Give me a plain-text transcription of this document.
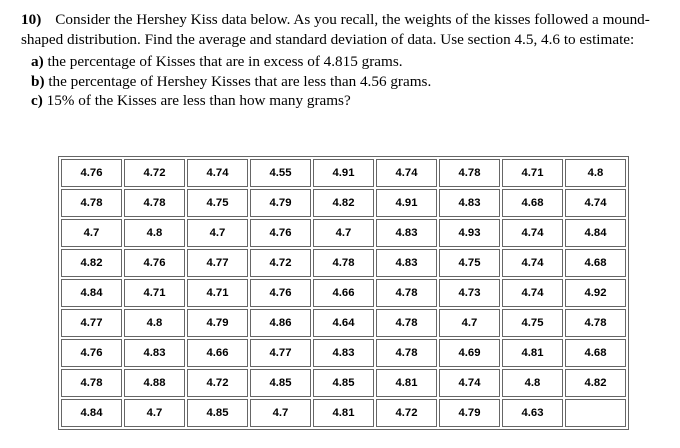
10) Consider the Hershey Kiss data below. As you recall, the weights of the kisses followed a mound-shaped distribution. Find the average and standard deviation of data. Use section 4.5, 4.6 to estimate:

a) the percentage of Kisses that are in excess of 4.815 grams.
b) the percentage of Hershey Kisses that are less than 4.56 grams.
c) 15% of the Kisses are less than how many grams?
4.76	4.72	4.74	4.55	4.91	4.74	4.78	4.71	4.8
4.78	4.78	4.75	4.79	4.82	4.91	4.83	4.68	4.74
4.7	4.8	4.7	4.76	4.7	4.83	4.93	4.74	4.84
4.82	4.76	4.77	4.72	4.78	4.83	4.75	4.74	4.68
4.84	4.71	4.71	4.76	4.66	4.78	4.73	4.74	4.92
4.77	4.8	4.79	4.86	4.64	4.78	4.7	4.75	4.78
4.76	4.83	4.66	4.77	4.83	4.78	4.69	4.81	4.68
4.78	4.88	4.72	4.85	4.85	4.81	4.74	4.8	4.82
4.84	4.7	4.85	4.7	4.81	4.72	4.79	4.63	
